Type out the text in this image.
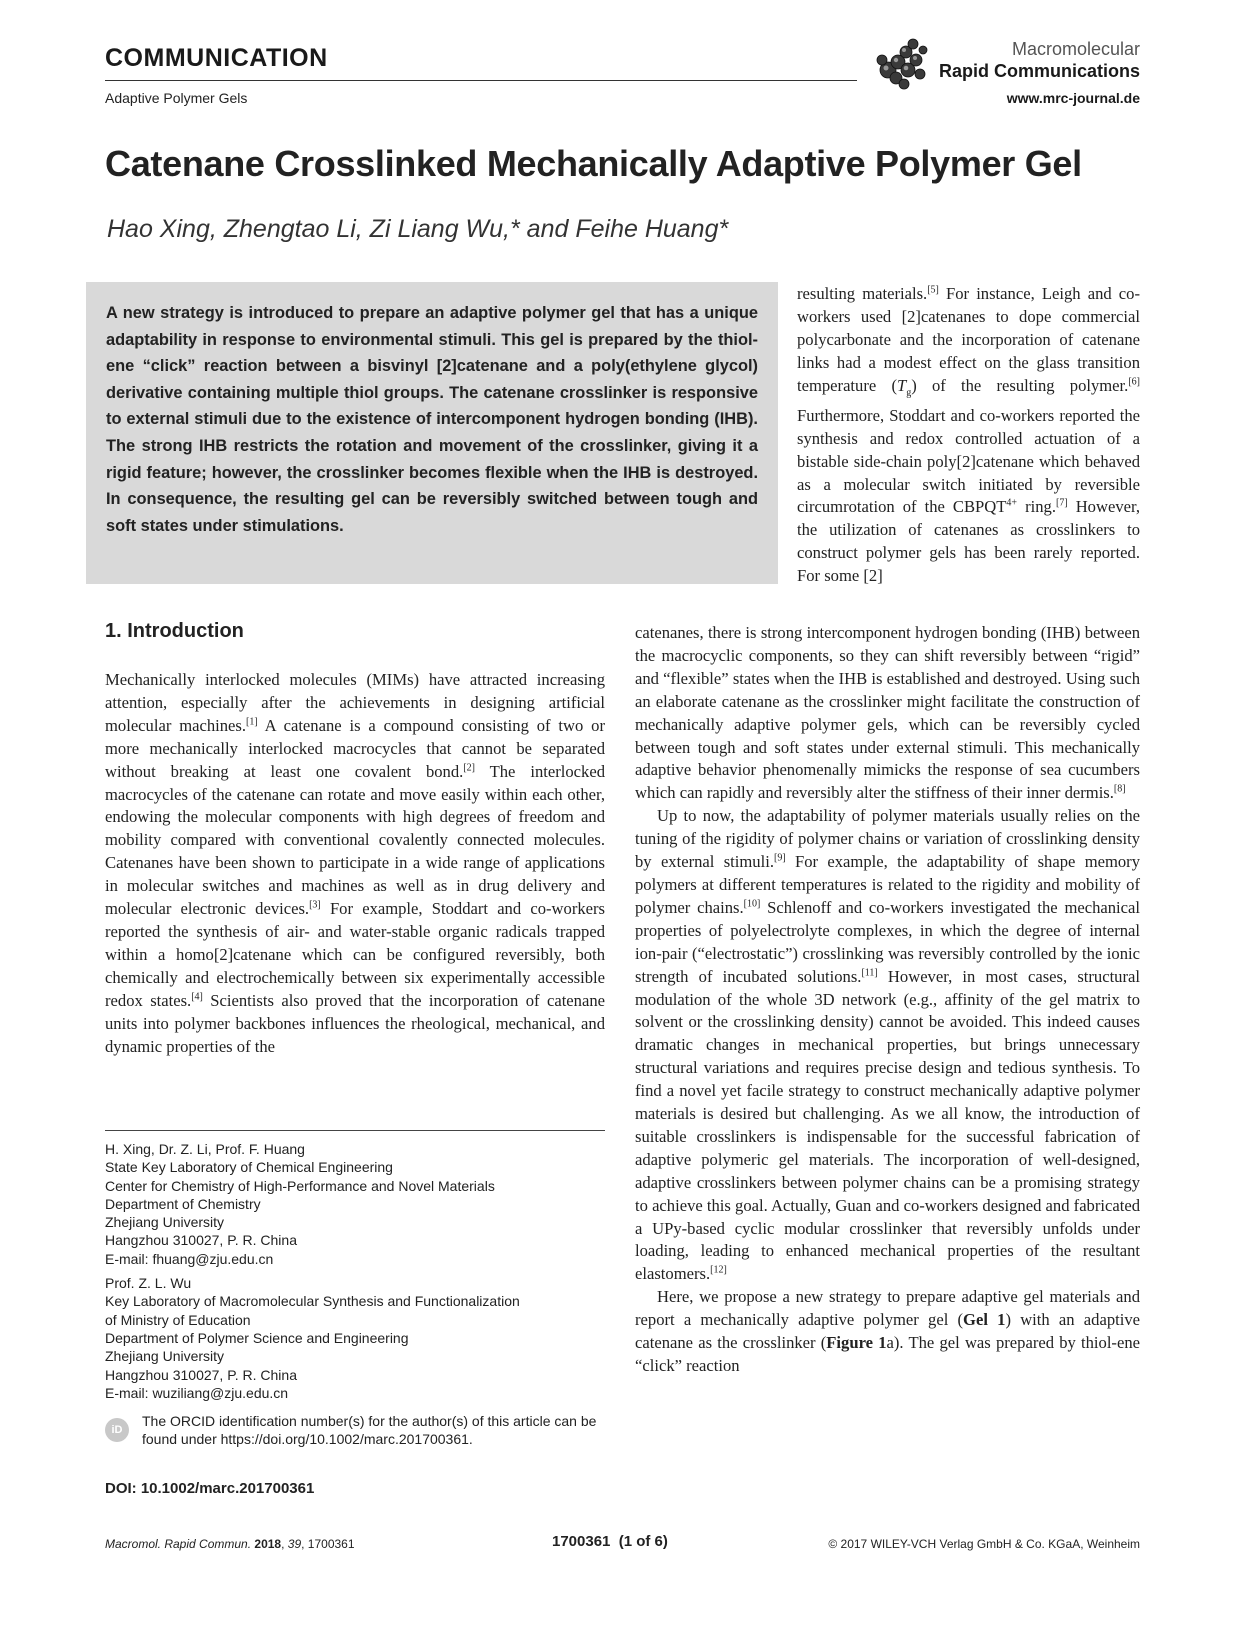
COMMUNICATION
Adaptive Polymer Gels
Macromolecular
Rapid Communications
www.mrc-journal.de
Catenane Crosslinked Mechanically Adaptive Polymer Gel
Hao Xing, Zhengtao Li, Zi Liang Wu,* and Feihe Huang*

A new strategy is introduced to prepare an adaptive polymer gel that has a unique adaptability in response to environmental stimuli. This gel is prepared by the thiol-ene “click” reaction between a bisvinyl [2]catenane and a poly(ethylene glycol) derivative containing multiple thiol groups. The catenane crosslinker is responsive to external stimuli due to the existence of intercomponent hydrogen bonding (IHB). The strong IHB restricts the rotation and movement of the crosslinker, giving it a rigid feature; however, the crosslinker becomes flexible when the IHB is destroyed. In consequence, the resulting gel can be reversibly switched between tough and soft states under stimulations.

resulting materials.[5] For instance, Leigh and co-workers used [2]catenanes to dope commercial polycarbonate and the incorporation of catenane links had a modest effect on the glass transition temperature $(T_g)$ of the resulting polymer.[6] Furthermore, Stoddart and co-workers reported the synthesis and redox controlled actuation of a bistable side-chain poly[2]catenane which behaved as a molecular switch initiated by reversible circumrotation of the $CBPQT^{4+}$ ring.[7] However, the utilization of catenanes as crosslinkers to construct polymer gels has been rarely reported. For some [2]

1. Introduction

Mechanically interlocked molecules (MIMs) have attracted increasing attention, especially after the achievements in designing artificial molecular machines.[1] A catenane is a compound consisting of two or more mechanically interlocked macrocycles that cannot be separated without breaking at least one covalent bond.[2] The interlocked macrocycles of the catenane can rotate and move easily within each other, endowing the molecular components with high degrees of freedom and mobility compared with conventional covalently connected molecules. Catenanes have been shown to participate in a wide range of applications in molecular switches and machines as well as in drug delivery and molecular electronic devices.[3] For example, Stoddart and co-workers reported the synthesis of air- and water-stable organic radicals trapped within a homo[2]catenane which can be configured reversibly, both chemically and electrochemically between six experimentally accessible redox states.[4] Scientists also proved that the incorporation of catenane units into polymer backbones influences the rheological, mechanical, and dynamic properties of the

catenanes, there is strong intercomponent hydrogen bonding (IHB) between the macrocyclic components, so they can shift reversibly between “rigid” and “flexible” states when the IHB is established and destroyed. Using such an elaborate catenane as the crosslinker might facilitate the construction of mechanically adaptive polymer gels, which can be reversibly cycled between tough and soft states under external stimuli. This mechanically adaptive behavior phenomenally mimicks the response of sea cucumbers which can rapidly and reversibly alter the stiffness of their inner dermis.[8]

Up to now, the adaptability of polymer materials usually relies on the tuning of the rigidity of polymer chains or variation of crosslinking density by external stimuli.[9] For example, the adaptability of shape memory polymers at different temperatures is related to the rigidity and mobility of polymer chains.[10] Schlenoff and co-workers investigated the mechanical properties of polyelectrolyte complexes, in which the degree of internal ion-pair (“electrostatic”) crosslinking was reversibly controlled by the ionic strength of incubated solutions.[11] However, in most cases, structural modulation of the whole 3D network (e.g., affinity of the gel matrix to solvent or the crosslinking density) cannot be avoided. This indeed causes dramatic changes in mechanical properties, but brings unnecessary structural variations and requires precise design and tedious synthesis. To find a novel yet facile strategy to construct mechanically adaptive polymer materials is desired but challenging. As we all know, the introduction of suitable crosslinkers is indispensable for the successful fabrication of adaptive polymeric gel materials. The incorporation of well-designed, adaptive crosslinkers between polymer chains can be a promising strategy to achieve this goal. Actually, Guan and co-workers designed and fabricated a UPy-based cyclic modular crosslinker that reversibly unfolds under loading, leading to enhanced mechanical properties of the resultant elastomers.[12]

Here, we propose a new strategy to prepare adaptive gel materials and report a mechanically adaptive polymer gel (Gel 1) with an adaptive catenane as the crosslinker (Figure 1a). The gel was prepared by thiol-ene “click” reaction

H. Xing, Dr. Z. Li, Prof. F. Huang
State Key Laboratory of Chemical Engineering
Center for Chemistry of High-Performance and Novel Materials
Department of Chemistry
Zhejiang University
Hangzhou 310027, P. R. China
E-mail: fhuang@zju.edu.cn
Prof. Z. L. Wu
Key Laboratory of Macromolecular Synthesis and Functionalization
of Ministry of Education
Department of Polymer Science and Engineering
Zhejiang University
Hangzhou 310027, P. R. China
E-mail: wuziliang@zju.edu.cn
iD
The ORCID identification number(s) for the author(s) of this article can be found under https://doi.org/10.1002/marc.201700361.
DOI: 10.1002/marc.201700361
Macromol. Rapid Commun. 2018, 39, 1700361	1700361  (1 of 6)	© 2017 WILEY-VCH Verlag GmbH & Co. KGaA, Weinheim
